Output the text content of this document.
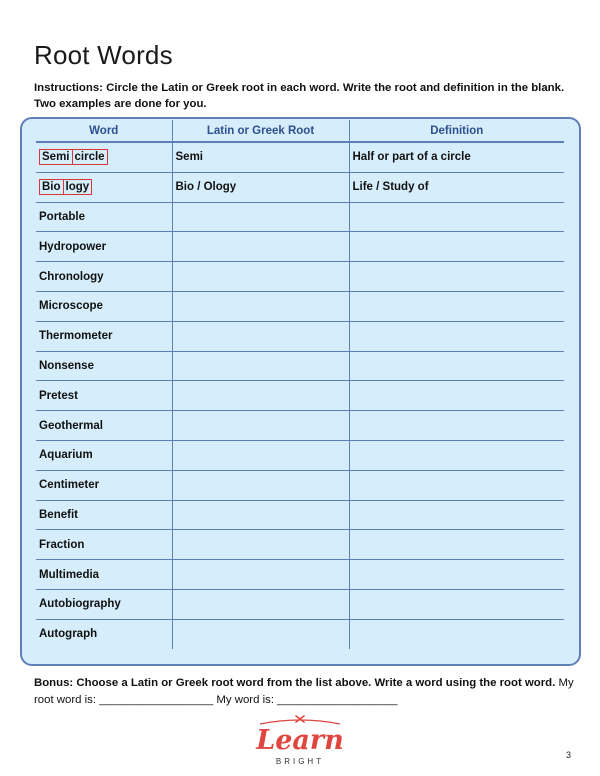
Root Words
Instructions: Circle the Latin or Greek root in each word. Write the root and definition in the blank. Two examples are done for you.
Word	Latin or Greek Root	Definition
Semi circle	Semi	Half or part of a circle
Bio logy	Bio / Ology	Life / Study of
Portable		
Hydropower		
Chronology		
Microscope		
Thermometer		
Nonsense		
Pretest		
Geothermal		
Aquarium		
Centimeter		
Benefit		
Fraction		
Multimedia		
Autobiography		
Autograph		
Bonus: Choose a Latin or Greek root word from the list above. Write a word using the root word. My root word is: __________________ My word is: ___________________
Learn
BRIGHT
3
